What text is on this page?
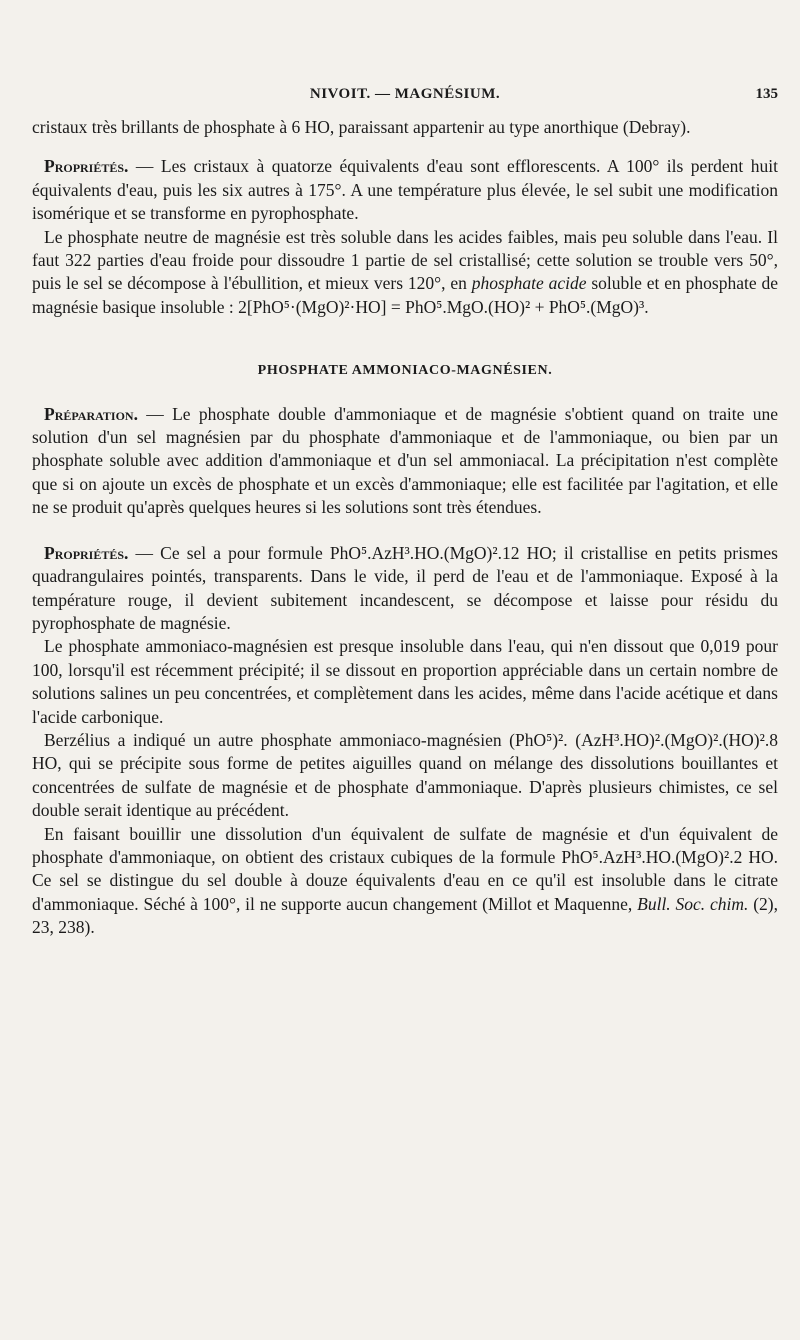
NIVOIT. — MAGNÉSIUM.	135

cristaux très brillants de phosphate à 6 HO, paraissant appartenir au type anorthique (Debray).

Propriétés. — Les cristaux à quatorze équivalents d'eau sont efflorescents. A 100° ils perdent huit équivalents d'eau, puis les six autres à 175°. A une température plus élevée, le sel subit une modification isomérique et se transforme en pyrophosphate.

Le phosphate neutre de magnésie est très soluble dans les acides faibles, mais peu soluble dans l'eau. Il faut 322 parties d'eau froide pour dissoudre 1 partie de sel cristallisé; cette solution se trouble vers 50°, puis le sel se décompose à l'ébullition, et mieux vers 120°, en phosphate acide soluble et en phosphate de magnésie basique insoluble : 2[PhO⁵·(MgO)²·HO] = PhO⁵.MgO.(HO)² + PhO⁵.(MgO)³.

PHOSPHATE AMMONIACO-MAGNÉSIEN.

Préparation. — Le phosphate double d'ammoniaque et de magnésie s'obtient quand on traite une solution d'un sel magnésien par du phosphate d'ammoniaque et de l'ammoniaque, ou bien par un phosphate soluble avec addition d'ammoniaque et d'un sel ammoniacal. La précipitation n'est complète que si on ajoute un excès de phosphate et un excès d'ammoniaque; elle est facilitée par l'agitation, et elle ne se produit qu'après quelques heures si les solutions sont très étendues.

Propriétés. — Ce sel a pour formule PhO⁵.AzH³.HO.(MgO)².12 HO; il cristallise en petits prismes quadrangulaires pointés, transparents. Dans le vide, il perd de l'eau et de l'ammoniaque. Exposé à la température rouge, il devient subitement incandescent, se décompose et laisse pour résidu du pyrophosphate de magnésie.

Le phosphate ammoniaco-magnésien est presque insoluble dans l'eau, qui n'en dissout que 0,019 pour 100, lorsqu'il est récemment précipité; il se dissout en proportion appréciable dans un certain nombre de solutions salines un peu concentrées, et complètement dans les acides, même dans l'acide acétique et dans l'acide carbonique.

Berzélius a indiqué un autre phosphate ammoniaco-magnésien (PhO⁵)². (AzH³.HO)².(MgO)².(HO)².8 HO, qui se précipite sous forme de petites aiguilles quand on mélange des dissolutions bouillantes et concentrées de sulfate de magnésie et de phosphate d'ammoniaque. D'après plusieurs chimistes, ce sel double serait identique au précédent.

En faisant bouillir une dissolution d'un équivalent de sulfate de magnésie et d'un équivalent de phosphate d'ammoniaque, on obtient des cristaux cubiques de la formule PhO⁵.AzH³.HO.(MgO)².2 HO. Ce sel se distingue du sel double à douze équivalents d'eau en ce qu'il est insoluble dans le citrate d'ammoniaque. Séché à 100°, il ne supporte aucun changement (Millot et Maquenne, Bull. Soc. chim. (2), 23, 238).
